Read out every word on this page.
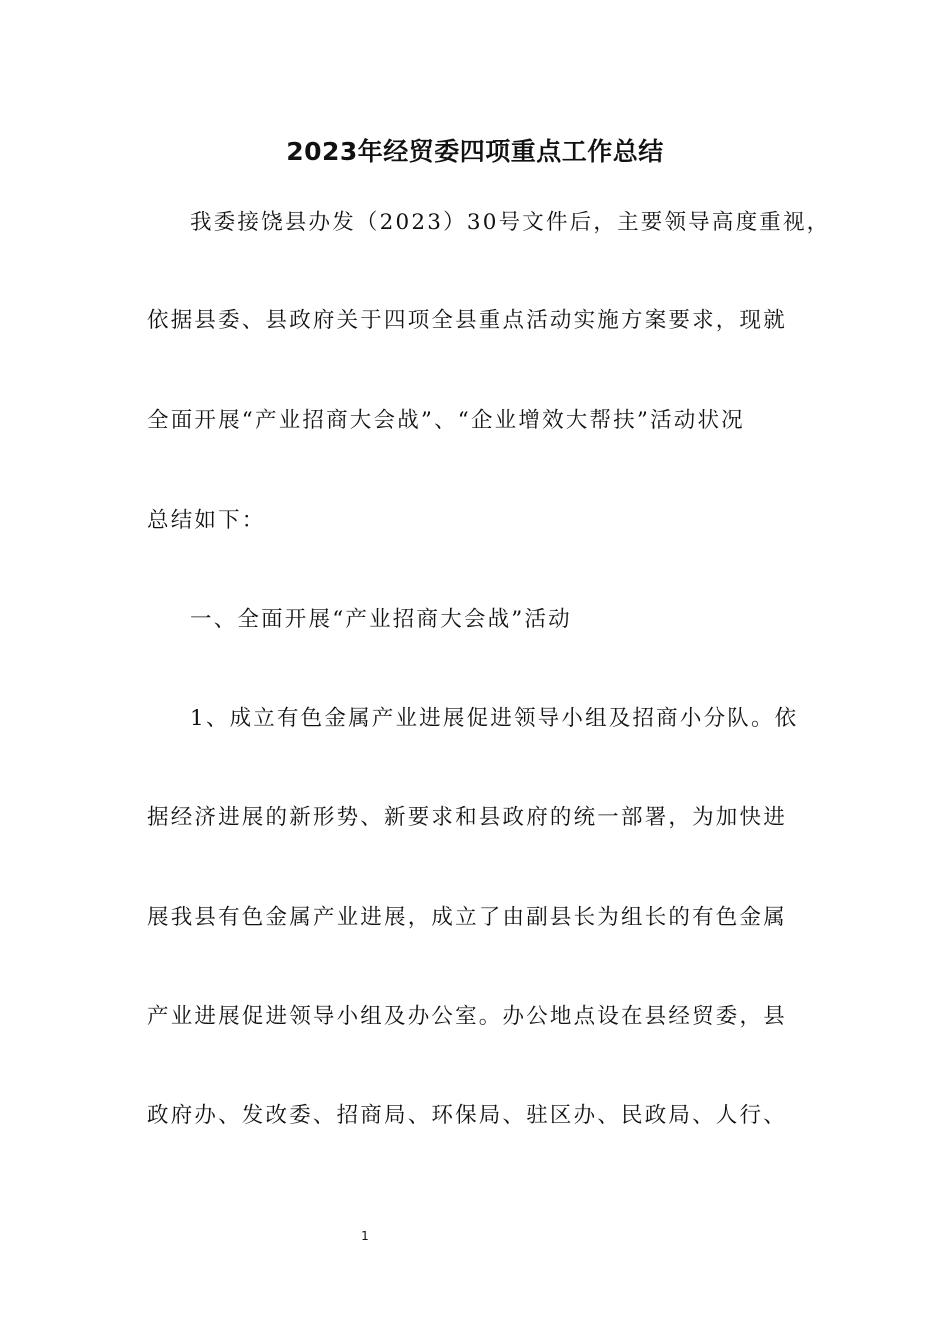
2023年经贸委四项重点工作总结
我委接饶县办发（2023）30号文件后，主要领导高度重视，
依据县委、县政府关于四项全县重点活动实施方案要求，现就
全面开展“产业招商大会战”、“企业增效大帮扶”活动状况
总结如下：
一、全面开展“产业招商大会战”活动
1、成立有色金属产业进展促进领导小组及招商小分队。依
据经济进展的新形势、新要求和县政府的统一部署，为加快进
展我县有色金属产业进展，成立了由副县长为组长的有色金属
产业进展促进领导小组及办公室。办公地点设在县经贸委，县
政府办、发改委、招商局、环保局、驻区办、民政局、人行、
1
